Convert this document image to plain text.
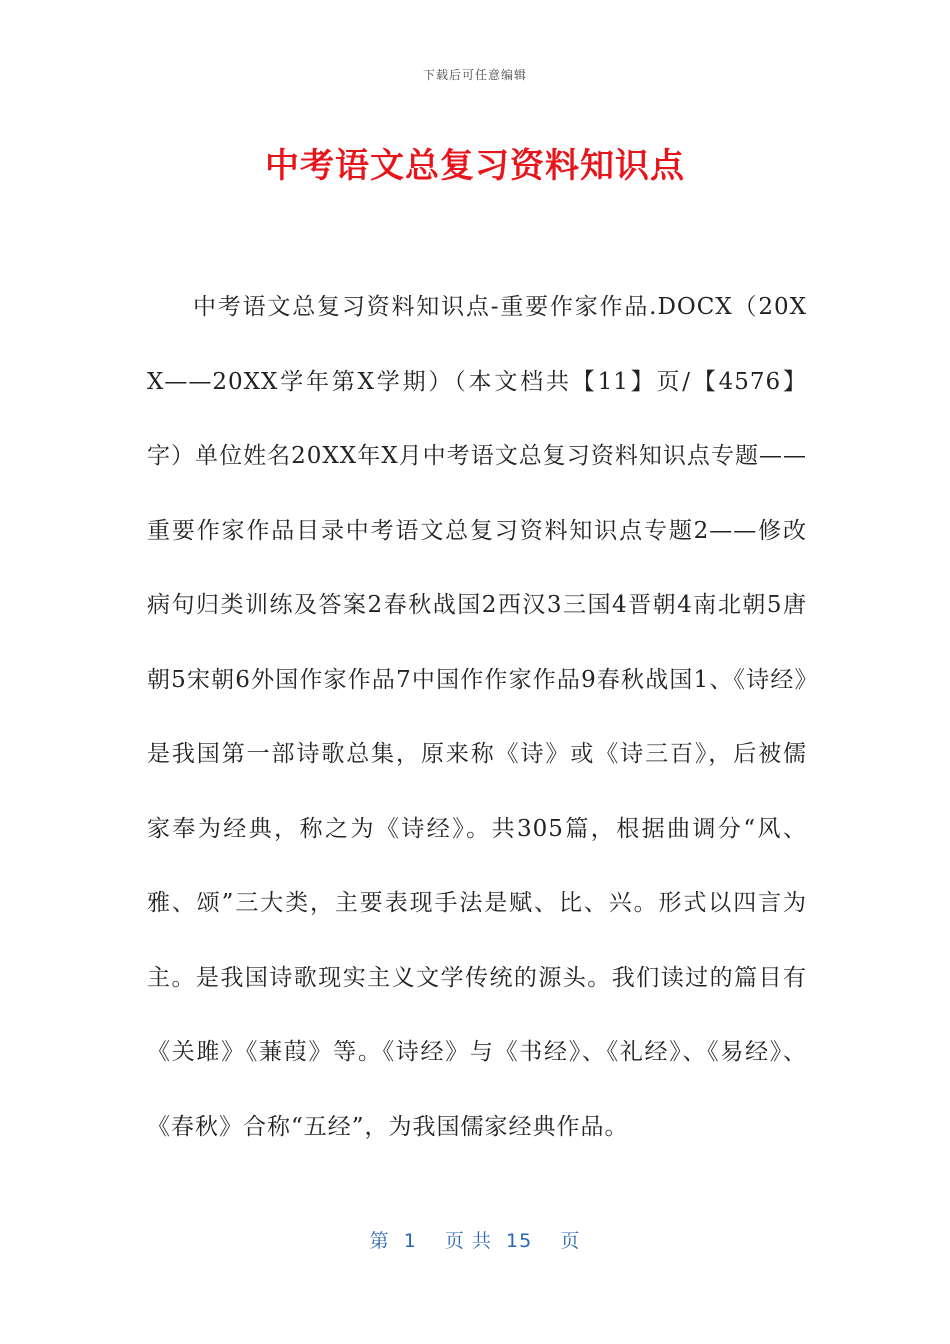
下载后可任意编辑
中考语文总复习资料知识点

中考语文总复习资料知识点-重要作家作品.DOCX（20XX——20XX学年第X学期）（本文档共【11】页/【4576】字）单位姓名20XX年X月中考语文总复习资料知识点专题——重要作家作品目录中考语文总复习资料知识点专题2——修改病句归类训练及答案2春秋战国2西汉3三国4晋朝4南北朝5唐朝5宋朝6外国作家作品7中国作作家作品9春秋战国1、《诗经》是我国第一部诗歌总集，原来称《诗》或《诗三百》，后被儒家奉为经典，称之为《诗经》。共305篇，根据曲调分“风、雅、颂”三大类，主要表现手法是赋、比、兴。形式以四言为主。是我国诗歌现实主义文学传统的源头。我们读过的篇目有《关雎》《蒹葭》等。《诗经》与《书经》、《礼经》、《易经》、《春秋》合称“五经”，为我国儒家经典作品。

第  1    页 共  15    页
